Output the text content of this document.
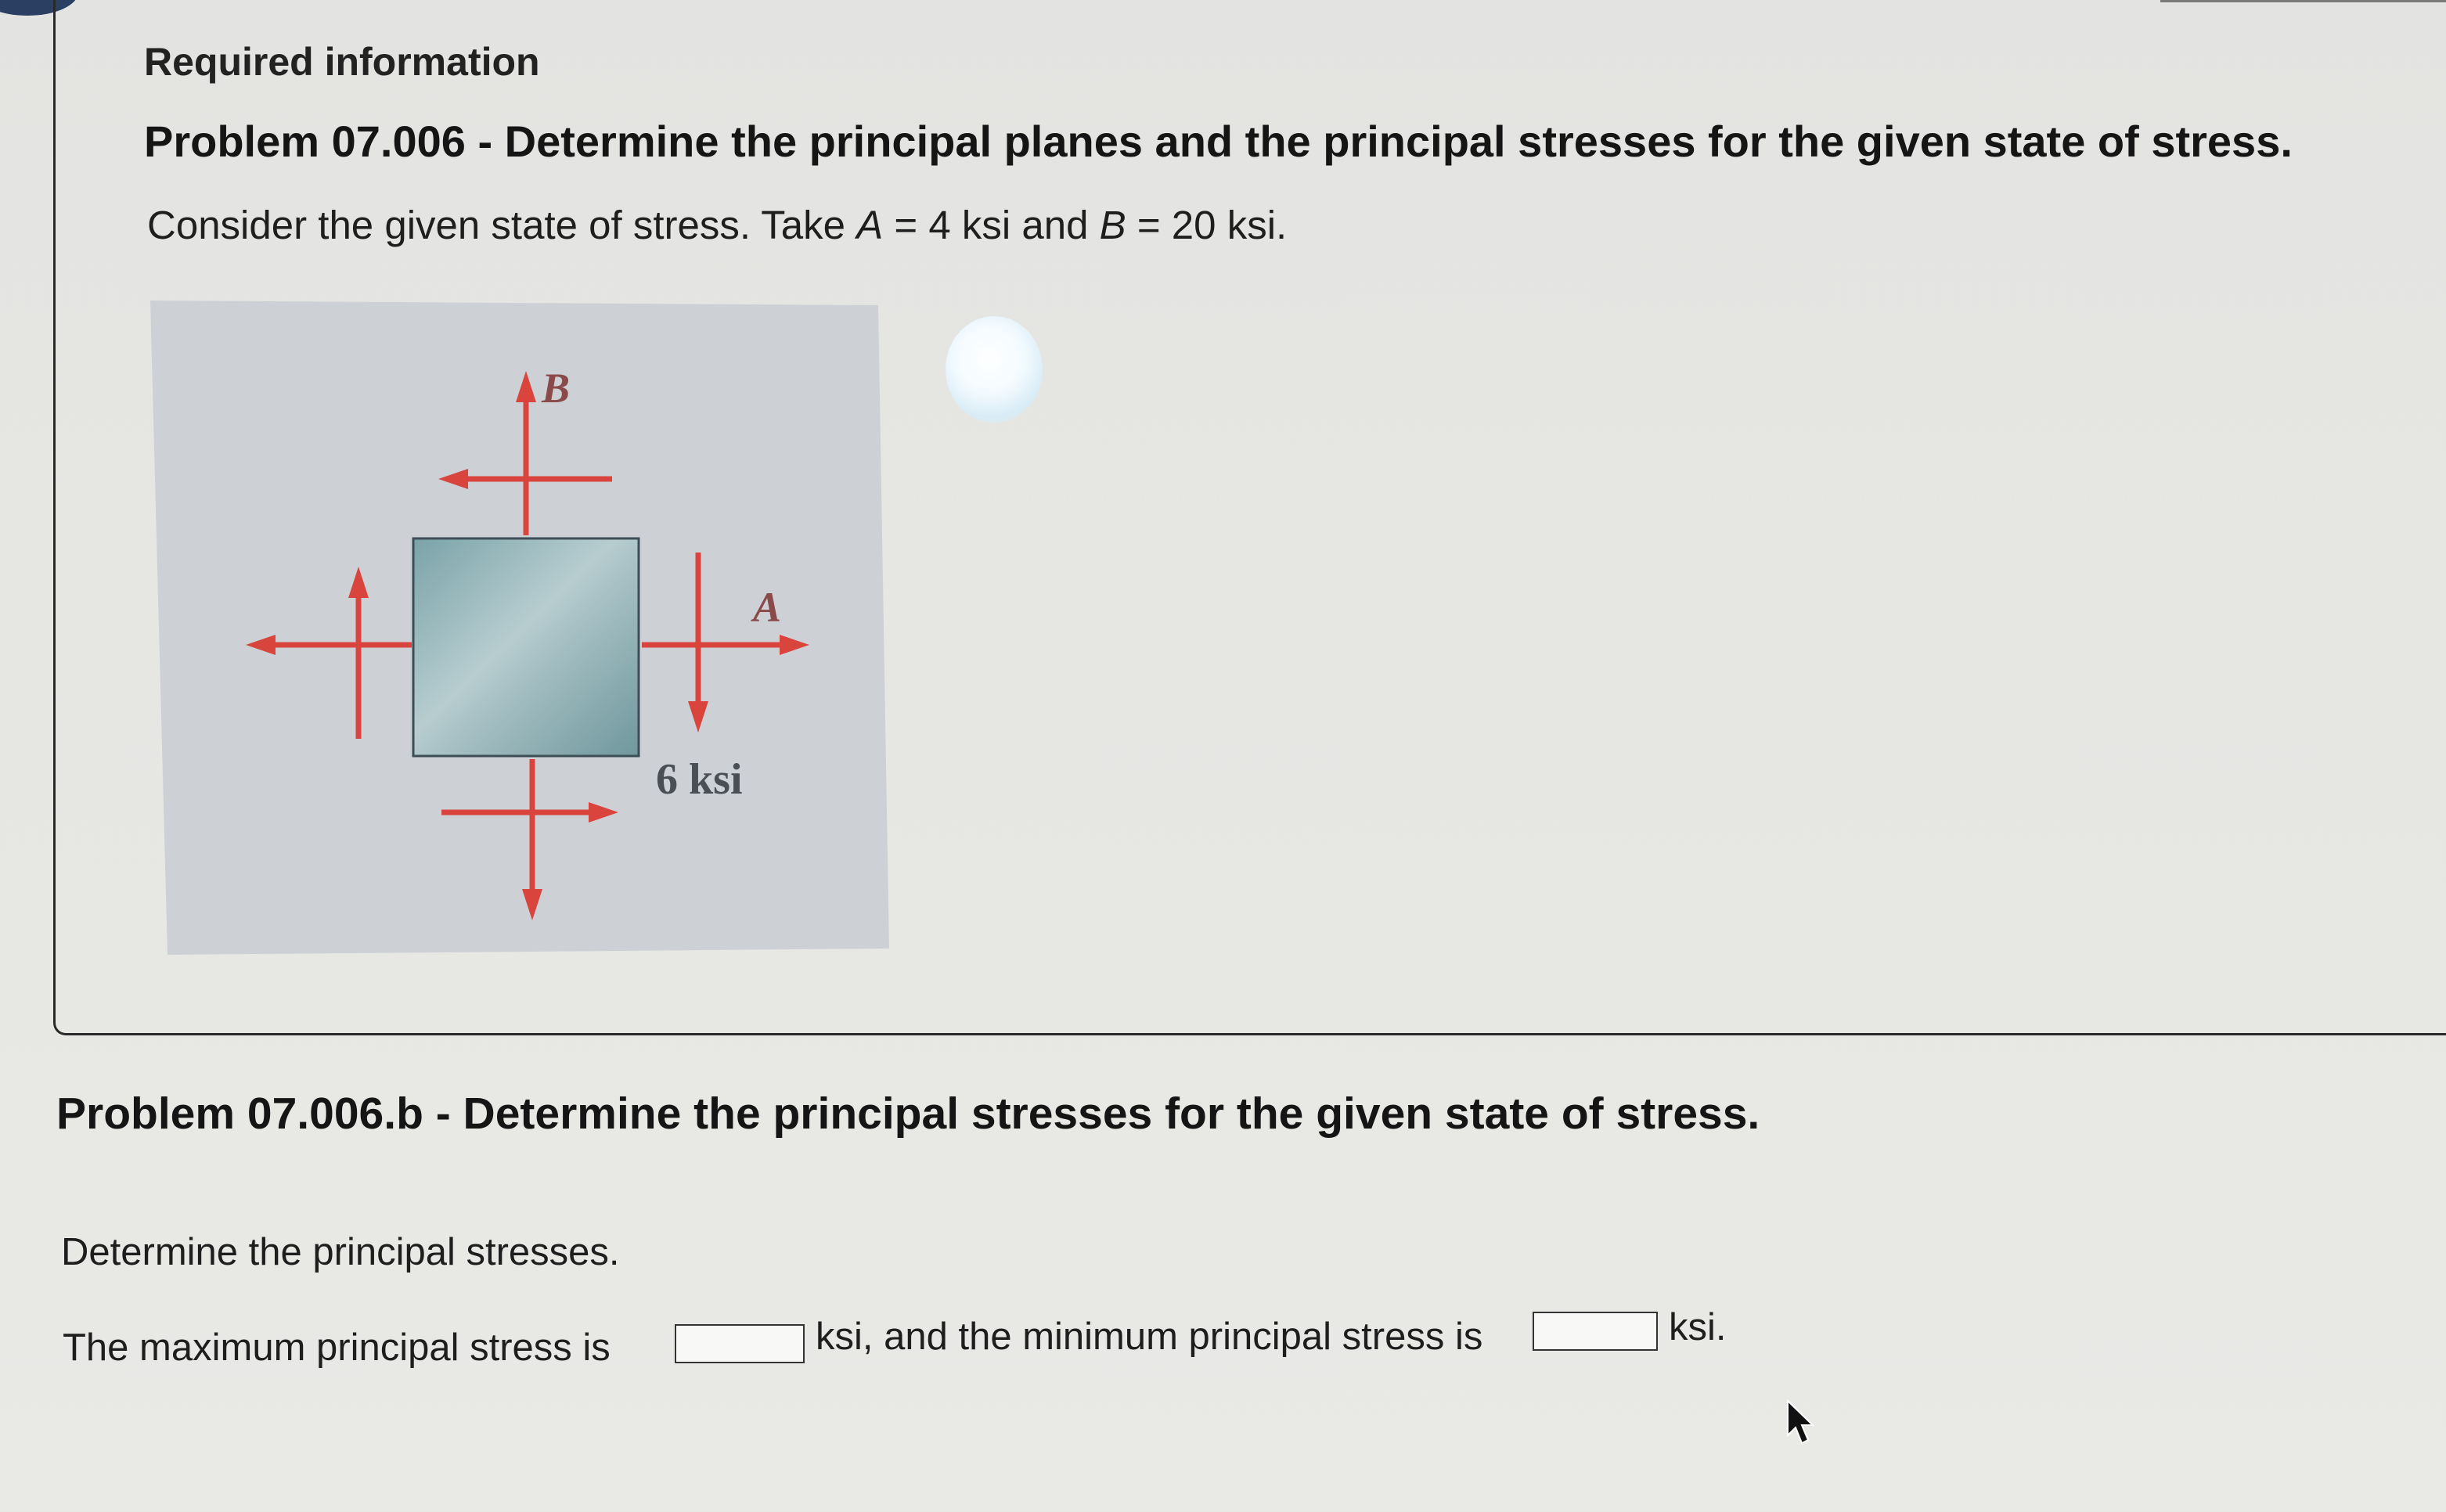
Required information
Problem 07.006 - Determine the principal planes and the principal stresses for the given state of stress.
Consider the given state of stress. Take A = 4 ksi and B = 20 ksi.
B
A
6 ksi
Problem 07.006.b - Determine the principal stresses for the given state of stress.
Determine the principal stresses.
The maximum principal stress is	ksi, and the minimum principal stress is	ksi.
